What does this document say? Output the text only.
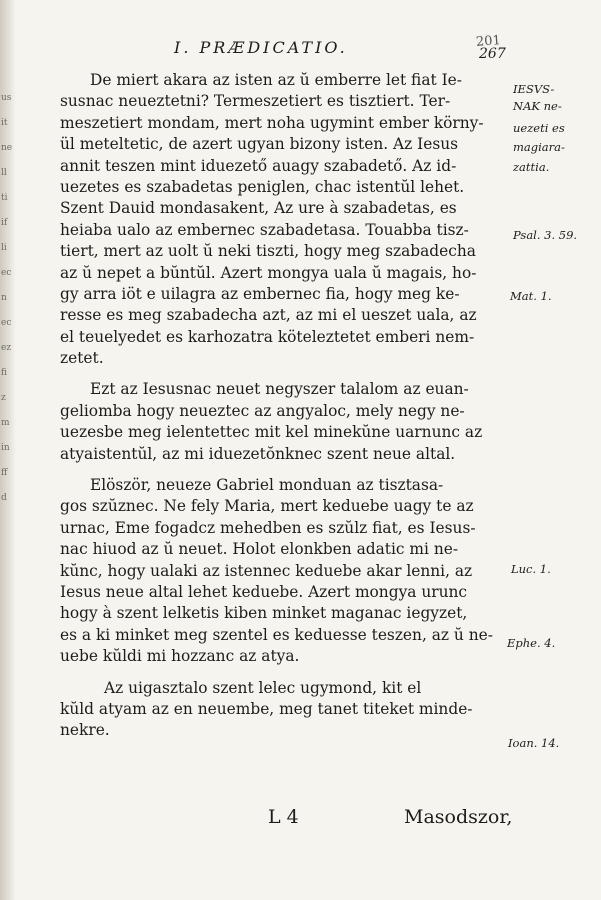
us
it
ne
ll
ti
if
li
ec
n
ec
ez
fi
z
m
in
ff
d
I. PRÆDICATIO.	201
267
De miert akara az isten az ŭ emberre let fiat Ie-
susnac neueztetni? Termeszetiert es tisztiert. Ter-
meszetiert mondam, mert noha ugymint ember körny-
ül meteltetic, de azert ugyan bizony isten. Az Iesus
annit teszen mint iduezető auagy szabadető. Az id-
uezetes es szabadetas peniglen, chac istentŭl lehet.
Szent Dauid mondasakent, Az ure à szabadetas, es
heiaba ualo az embernec szabadetasa. Touabba tisz-
tiert, mert az uolt ŭ neki tiszti, hogy meg szabadecha
az ŭ nepet a bŭntŭl. Azert mongya uala ŭ magais, ho-
gy arra iöt e uilagra az embernec fia, hogy meg ke-
resse es meg szabadecha azt, az mi el ueszet uala, az
el teuelyedet es karhozatra köteleztetet emberi nem-
zetet.
Ezt az Iesusnac neuet negyszer talalom az euan-
geliomba hogy neueztec az angyaloc, mely negy ne-
uezesbe meg ielentettec mit kel minekŭne uarnunc az
atyaistentŭl, az mi iduezetŏnknec szent neue altal.
Elöször, neueze Gabriel monduan az tisztasa-
gos szŭznec. Ne fely Maria, mert keduebe uagy te az
urnac, Eme fogadcz mehedben es szŭlz fiat, es Iesus-
nac hiuod az ŭ neuet. Holot elonkben adatic mi ne-
kŭnc, hogy ualaki az istennec keduebe akar lenni, az
Iesus neue altal lehet keduebe. Azert mongya urunc
hogy à szent lelketis kiben minket maganac iegyzet,
es a ki minket meg szentel es keduesse teszen, az ŭ ne-
uebe kŭldi mi hozzanc az atya.
Az uigasztalo szent lelec ugymond, kit el
kŭld atyam az en neuembe, meg tanet titeket minde-
nekre.
IESVS-
NAK ne-
uezeti es
magiara-
zattia.
Psal. 3. 59.
Mat. 1.
Luc. 1.
Ephe. 4.
Ioan. 14.
L 4	Masodszor,
